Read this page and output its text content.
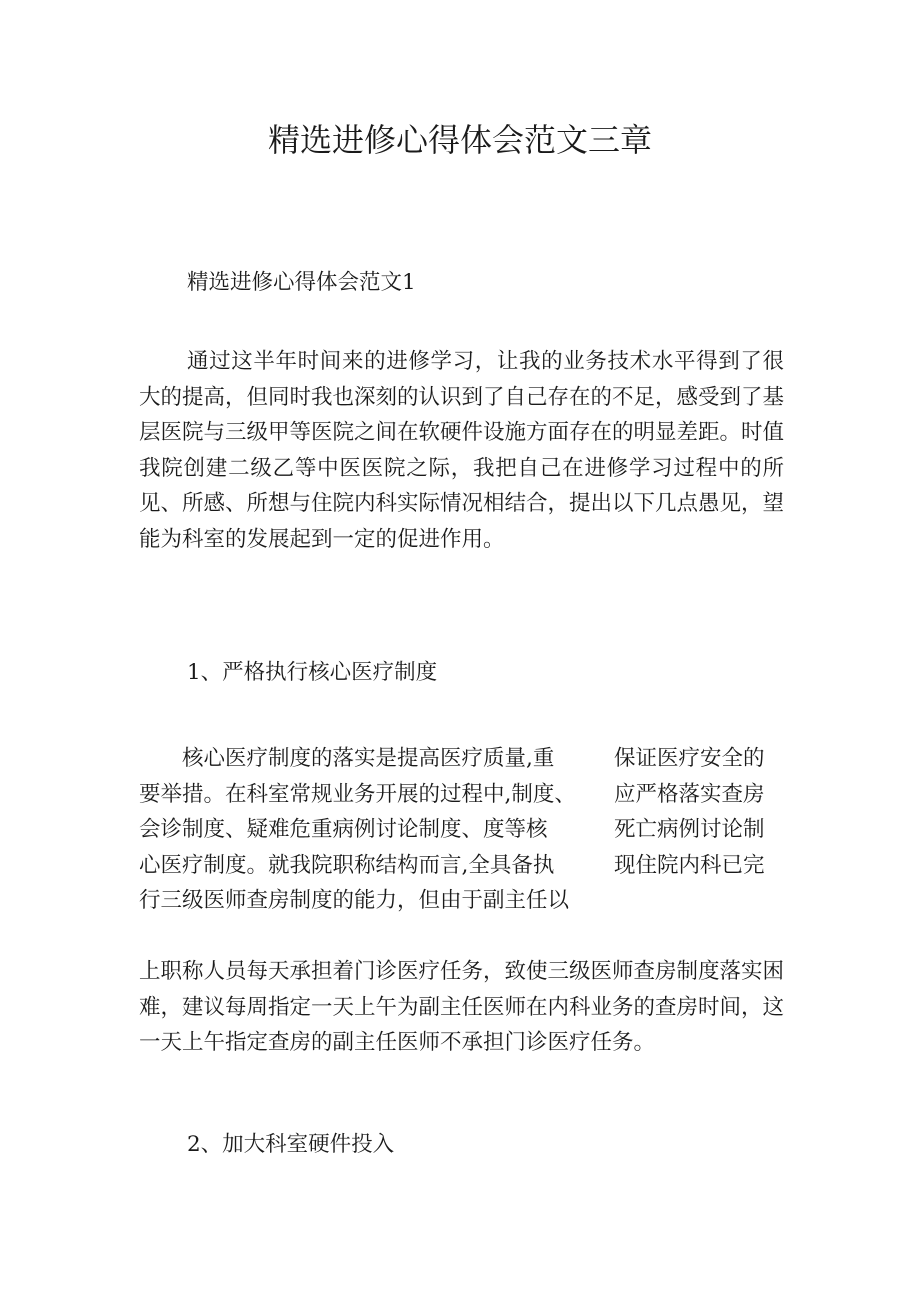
精选进修心得体会范文三章

精选进修心得体会范文1

通过这半年时间来的进修学习，让我的业务技术水平得到了很大的提高，但同时我也深刻的认识到了自己存在的不足，感受到了基层医院与三级甲等医院之间在软硬件设施方面存在的明显差距。时值我院创建二级乙等中医医院之际，我把自己在进修学习过程中的所见、所感、所想与住院内科实际情况相结合，提出以下几点愚见，望能为科室的发展起到一定的促进作用。

1、严格执行核心医疗制度

　　核心医疗制度的落实是提高医疗质量,重	保证医疗安全的
要举措。在科室常规业务开展的过程中,制度、 应严格落实查房
会诊制度、疑难危重病例讨论制度、度等核	死亡病例讨论制
心医疗制度。就我院职称结构而言,全具备执	现住院内科已完
行三级医师查房制度的能力，但由于副主任以

上职称人员每天承担着门诊医疗任务，致使三级医师查房制度落实困难，建议每周指定一天上午为副主任医师在内科业务的查房时间，这一天上午指定查房的副主任医师不承担门诊医疗任务。

2、加大科室硬件投入
